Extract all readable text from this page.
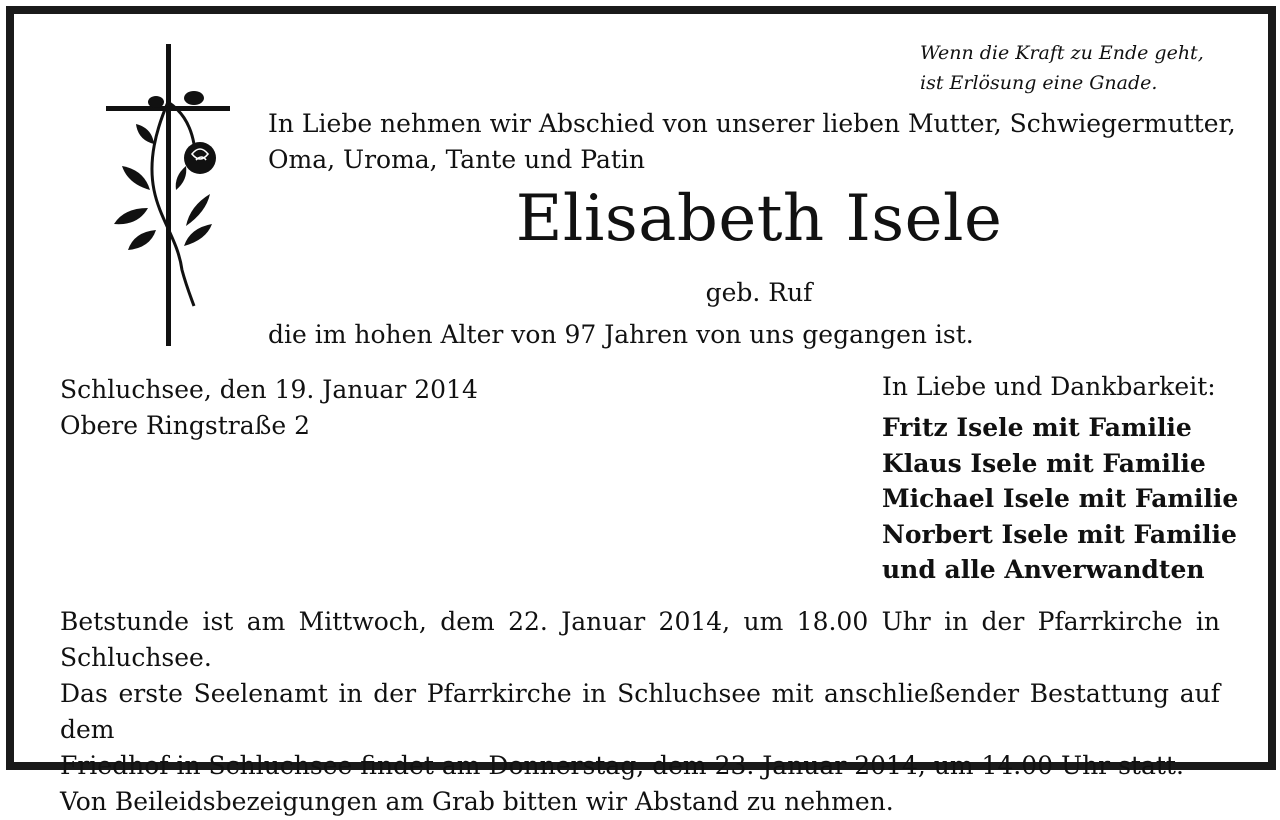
Wenn die Kraft zu Ende geht,
ist Erlösung eine Gnade.
In Liebe nehmen wir Abschied von unserer lieben Mutter, Schwiegermutter,
Oma, Uroma, Tante und Patin
Elisabeth Isele
geb. Ruf
die im hohen Alter von 97 Jahren von uns gegangen ist.
Schluchsee, den 19. Januar 2014
Obere Ringstraße 2
In Liebe und Dankbarkeit:
Fritz Isele mit Familie
Klaus Isele mit Familie
Michael Isele mit Familie
Norbert Isele mit Familie
und alle Anverwandten
Betstunde ist am Mittwoch, dem 22. Januar 2014, um 18.00 Uhr in der Pfarrkirche in Schluchsee.
Das erste Seelenamt in der Pfarrkirche in Schluchsee mit anschließender Bestattung auf dem
Friedhof in Schluchsee findet am Donnerstag, dem 23. Januar 2014, um 14.00 Uhr statt.
Von Beileidsbezeigungen am Grab bitten wir Abstand zu nehmen.
